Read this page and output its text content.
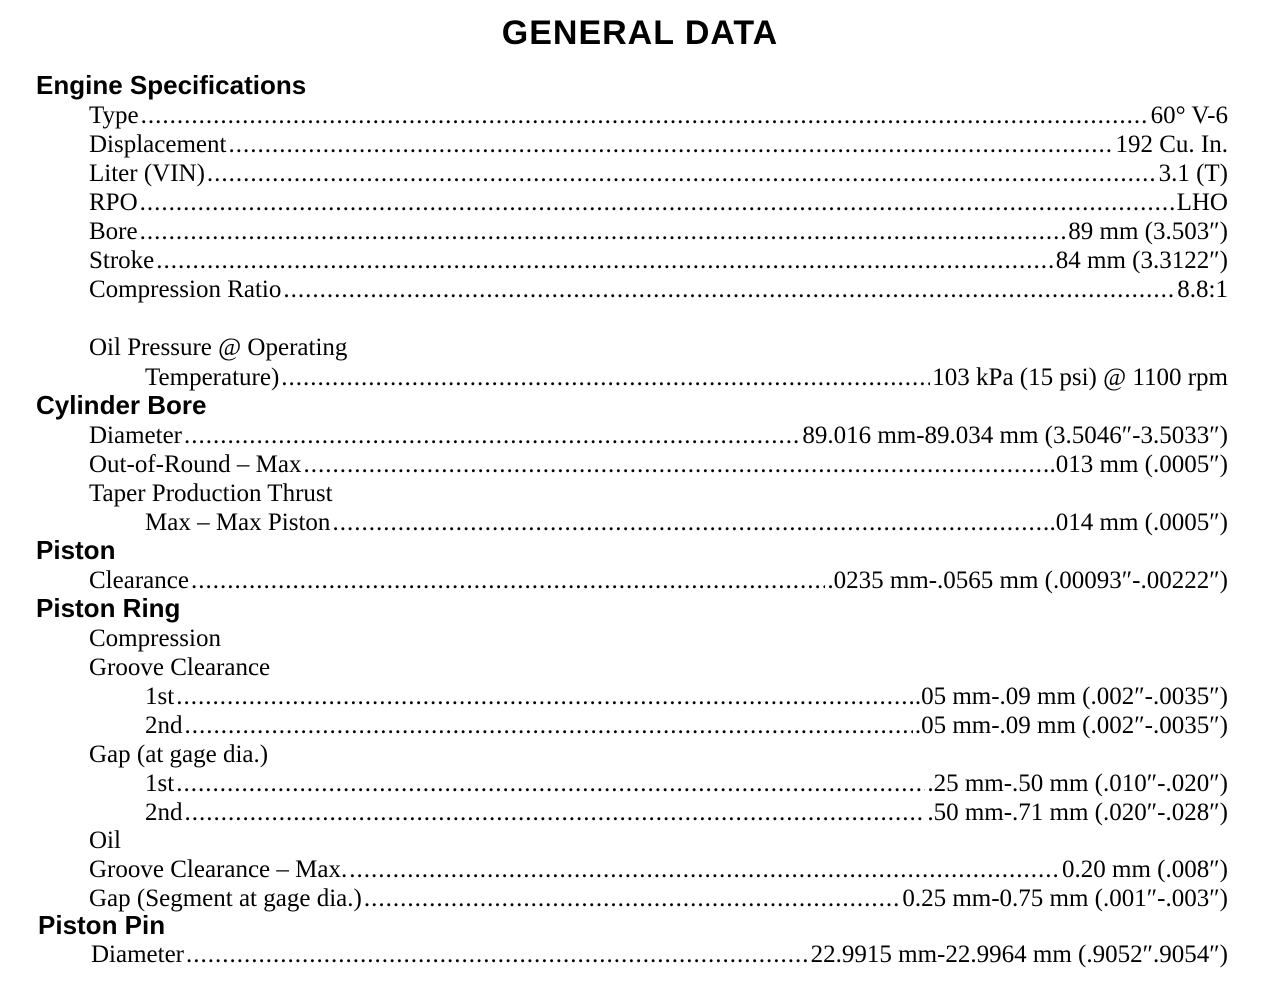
GENERAL DATA
Engine Specifications
Type .....	60° V-6
Displacement .....	192 Cu. In.
Liter (VIN) .....	3.1 (T)
RPO .....	LHO
Bore .....	89 mm (3.503″)
Stroke .....	84 mm (3.3122″)
Compression Ratio .....	8.8:1
Oil Pressure @ Operating
Temperature) .....	103 kPa (15 psi) @ 1100 rpm
Cylinder Bore
Diameter .....	89.016 mm-89.034 mm (3.5046″-3.5033″)
Out-of-Round – Max .....	.013 mm (.0005″)
Taper Production Thrust
Max – Max Piston .....	.014 mm (.0005″)
Piston
Clearance .....	.0235 mm-.0565 mm (.00093″-.00222″)
Piston Ring
Compression
Groove Clearance
1st .....	.05 mm-.09 mm (.002″-.0035″)
2nd .....	.05 mm-.09 mm (.002″-.0035″)
Gap (at gage dia.)
1st .....	.25 mm-.50 mm (.010″-.020″)
2nd .....	.50 mm-.71 mm (.020″-.028″)
Oil
Groove Clearance – Max. .....	0.20 mm (.008″)
Gap (Segment at gage dia.) .....	0.25 mm-0.75 mm (.001″-.003″)
Piston Pin
Diameter .....	22.9915 mm-22.9964 mm (.9052″.9054″)
